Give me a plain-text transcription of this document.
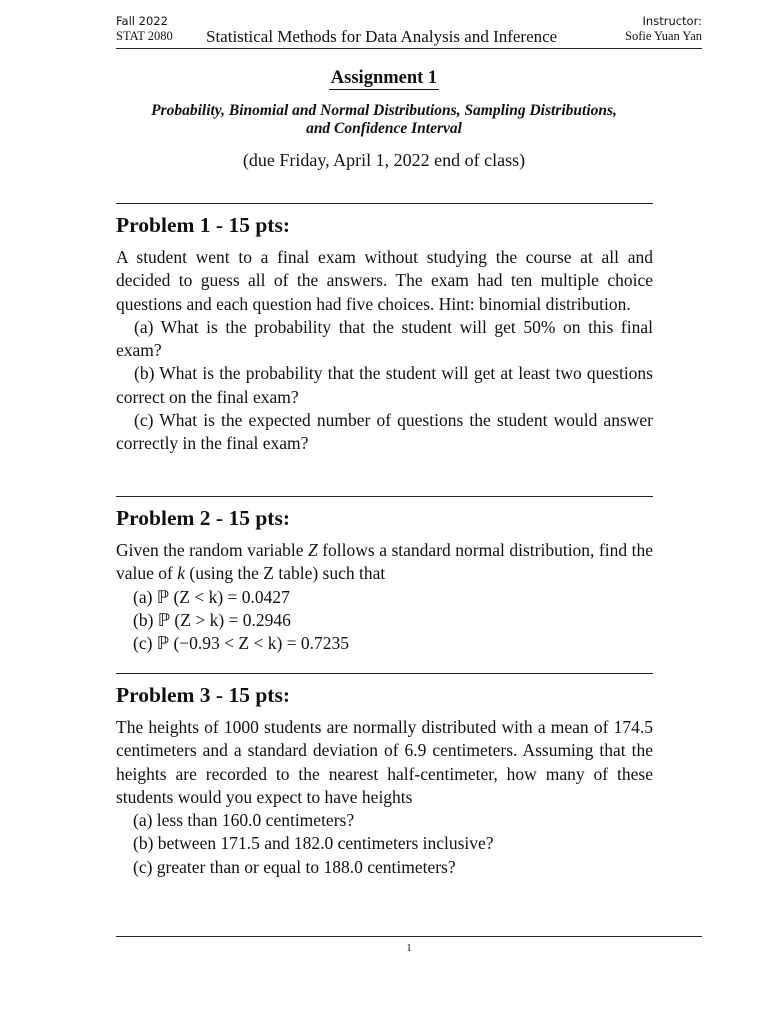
Fall 2022
STAT 2080 Statistical Methods for Data Analysis and Inference
Instructor:
Sofie Yuan Yan
Assignment 1
Probability, Binomial and Normal Distributions, Sampling Distributions, and Confidence Interval
(due Friday, April 1, 2022 end of class)
Problem 1 - 15 pts:

A student went to a final exam without studying the course at all and decided to guess all of the answers. The exam had ten multiple choice questions and each question had five choices. Hint: binomial distribution.

(a) What is the probability that the student will get 50% on this final exam?

(b) What is the probability that the student will get at least two questions correct on the final exam?

(c) What is the expected number of questions the student would answer correctly in the final exam?

Problem 2 - 15 pts:

Given the random variable Z follows a standard normal distribution, find the value of k (using the Z table) such that

(a) ℙ (Z < k) = 0.0427

(b) ℙ (Z > k) = 0.2946

(c) ℙ (−0.93 < Z < k) = 0.7235

Problem 3 - 15 pts:

The heights of 1000 students are normally distributed with a mean of 174.5 centimeters and a standard deviation of 6.9 centimeters. Assuming that the heights are recorded to the nearest half-centimeter, how many of these students would you expect to have heights

(a) less than 160.0 centimeters?

(b) between 171.5 and 182.0 centimeters inclusive?

(c) greater than or equal to 188.0 centimeters?

1
